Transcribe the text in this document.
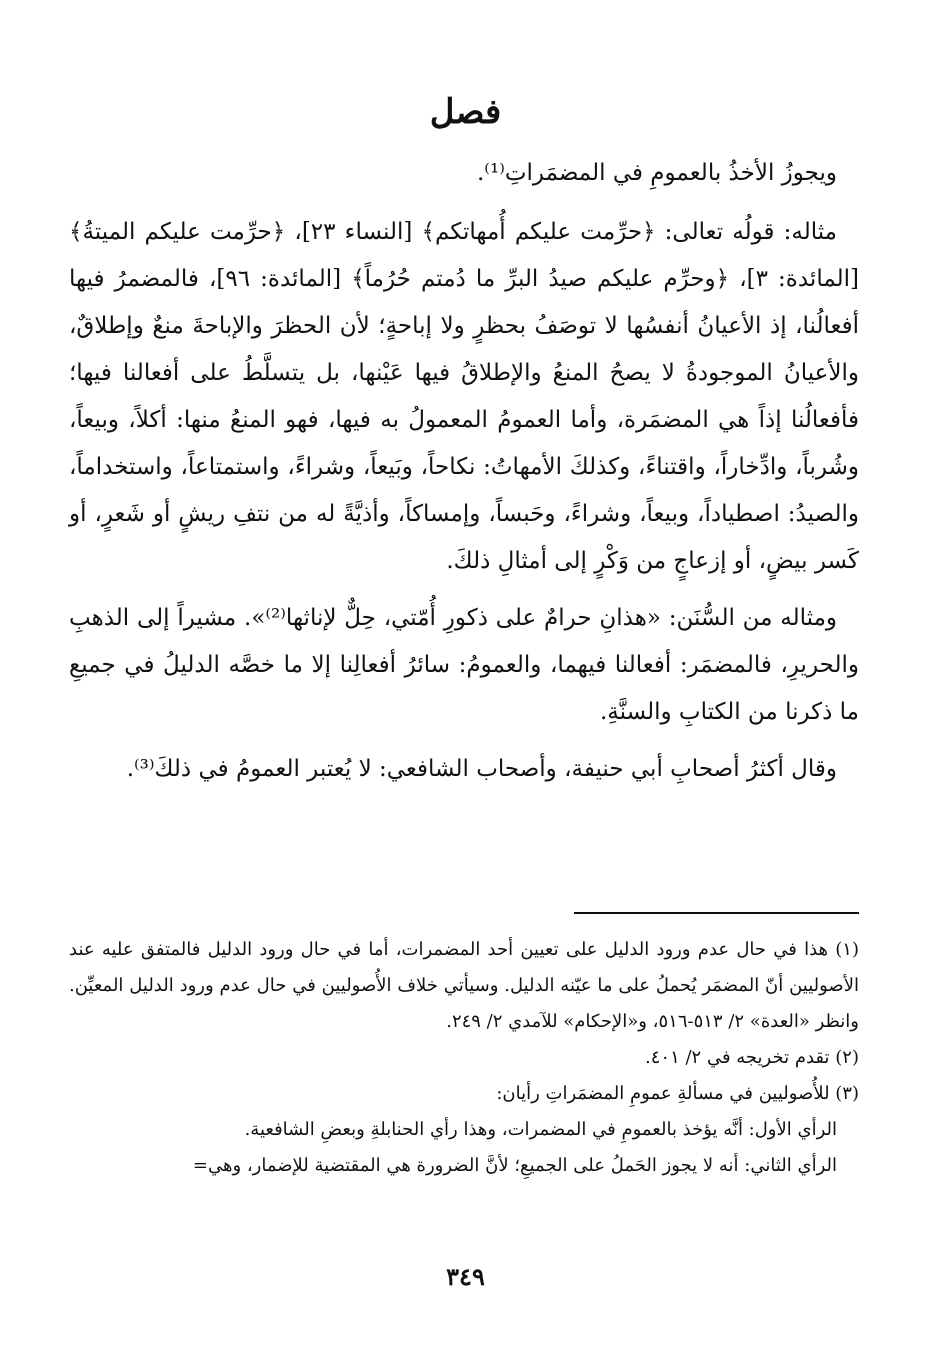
فصل

ويجوزُ الأخذُ بالعمومِ في المضمَراتِ⁽¹⁾.

مثاله: قولُه تعالى: ﴿حرِّمت عليكم أُمهاتكم﴾ [النساء ٢٣]، ﴿حرِّمت عليكم الميتةُ﴾ [المائدة: ٣]، ﴿وحرِّم عليكم صيدُ البرِّ ما دُمتم حُرُماً﴾ [المائدة: ٩٦]، فالمضمرُ فيها أفعالُنا، إذ الأعيانُ أنفسُها لا توصَفُ بحظرٍ ولا إباحةٍ؛ لأن الحظرَ والإباحةَ منعٌ وإطلاقٌ، والأعيانُ الموجودةُ لا يصحُ المنعُ والإطلاقُ فيها عَيْنها، بل يتسلَّطُ على أفعالنا فيها؛ فأفعالُنا إذاً هي المضمَرة، وأما العمومُ المعمولُ به فيها، فهو المنعُ منها: أكلاً، وبيعاً، وشُرباً، وادِّخاراً، واقتناءً، وكذلكَ الأمهاتُ: نكاحاً، وبَيعاً، وشراءً، واستمتاعاً، واستخداماً، والصيدُ: اصطياداً، وبيعاً، وشراءً، وحَبساً، وإمساكاً، وأذيَّةً له من نتفِ ريشٍ أو شَعرٍ، أو كَسر بيضٍ، أو إزعاجٍ من وَكْرٍ إلى أمثالِ ذلكَ.

ومثاله من السُّنَن: «هذانِ حرامٌ على ذكورِ أُمّتي، حِلٌّ لإناثها⁽²⁾». مشيراً إلى الذهبِ والحريرِ، فالمضمَر: أفعالنا فيهما، والعمومُ: سائرُ أفعالِنا إلا ما خصَّه الدليلُ في جميعِ ما ذكرنا من الكتابِ والسنَّةِ.

وقال أكثرُ أصحابِ أبي حنيفة، وأصحاب الشافعي: لا يُعتبر العمومُ في ذلكَ⁽³⁾.

(١) هذا في حال عدم ورود الدليل على تعيين أحد المضمرات، أما في حال ورود الدليل فالمتفق عليه عند الأصوليين أنّ المضمَر يُحملُ على ما عيّنه الدليل. وسيأتي خلاف الأُصوليين في حال عدم ورود الدليل المعيِّن. وانظر «العدة» ٢/ ٥١٣-٥١٦، و«الإحكام» للآمدي ٢/ ٢٤٩.

(٢) تقدم تخريجه في ٢/ ٤٠١.

(٣) للأُصوليين في مسألةِ عمومِ المضمَراتِ رأيان:

الرأي الأول: أنَّه يؤخذ بالعمومِ في المضمرات، وهذا رأي الحنابلةِ وبعضِ الشافعية.

الرأي الثاني: أنه لا يجوز الحَملُ على الجميعِ؛ لأنَّ الضرورة هي المقتضية للإضمار، وهي=

٣٤٩
